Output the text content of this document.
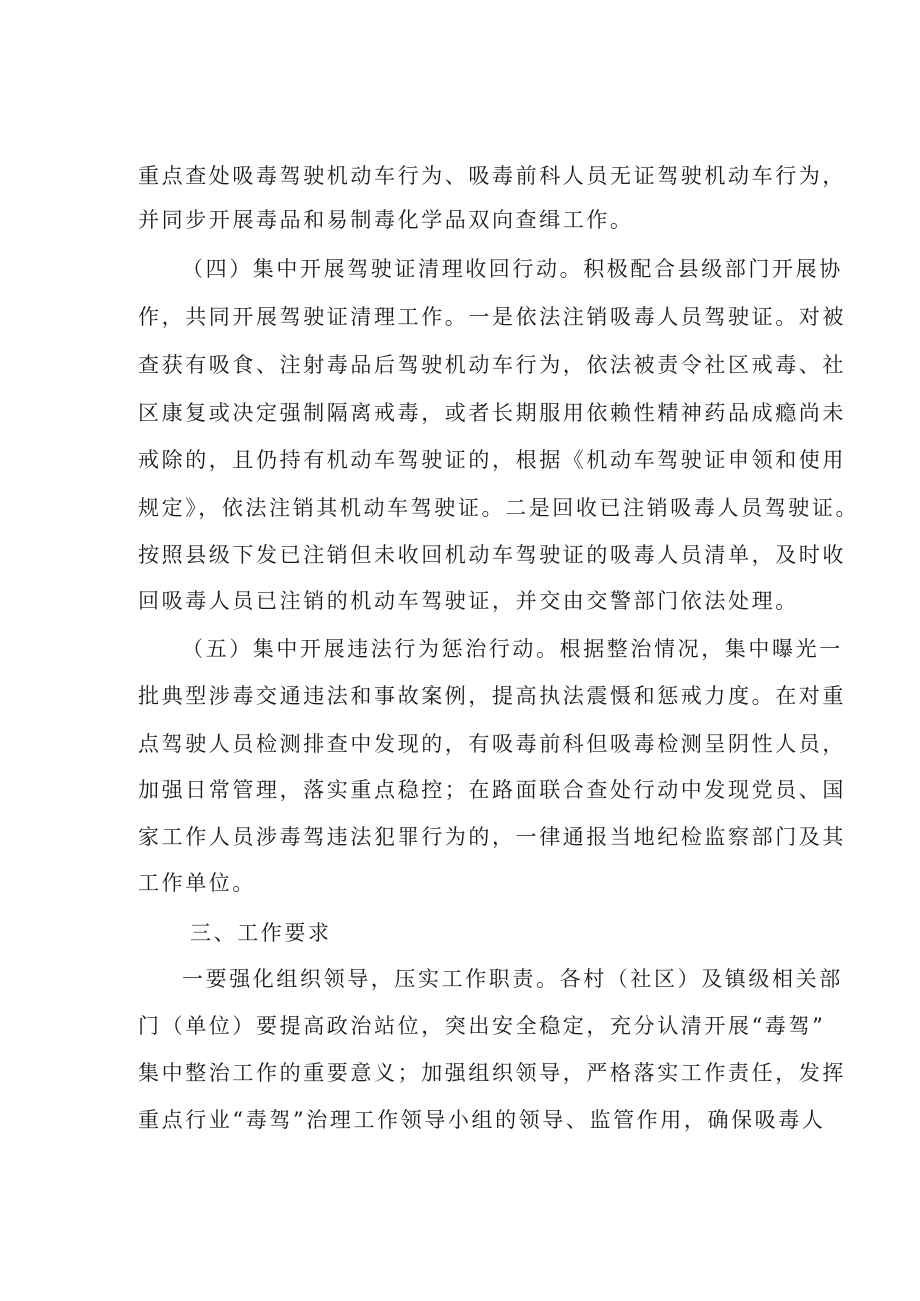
重点查处吸毒驾驶机动车行为、吸毒前科人员无证驾驶机动车行为，
并同步开展毒品和易制毒化学品双向查缉工作。
（四）集中开展驾驶证清理收回行动。积极配合县级部门开展协
作，共同开展驾驶证清理工作。一是依法注销吸毒人员驾驶证。对被
查获有吸食、注射毒品后驾驶机动车行为，依法被责令社区戒毒、社
区康复或决定强制隔离戒毒，或者长期服用依赖性精神药品成瘾尚未
戒除的，且仍持有机动车驾驶证的，根据《机动车驾驶证申领和使用
规定》，依法注销其机动车驾驶证。二是回收已注销吸毒人员驾驶证。
按照县级下发已注销但未收回机动车驾驶证的吸毒人员清单，及时收
回吸毒人员已注销的机动车驾驶证，并交由交警部门依法处理。
（五）集中开展违法行为惩治行动。根据整治情况，集中曝光一
批典型涉毒交通违法和事故案例，提高执法震慑和惩戒力度。在对重
点驾驶人员检测排查中发现的，有吸毒前科但吸毒检测呈阴性人员，
加强日常管理，落实重点稳控；在路面联合查处行动中发现党员、国
家工作人员涉毒驾违法犯罪行为的，一律通报当地纪检监察部门及其
工作单位。
三、工作要求
一要强化组织领导，压实工作职责。各村（社区）及镇级相关部
门（单位）要提高政治站位，突出安全稳定，充分认清开展“毒驾”
集中整治工作的重要意义；加强组织领导，严格落实工作责任，发挥
重点行业“毒驾”治理工作领导小组的领导、监管作用，确保吸毒人
